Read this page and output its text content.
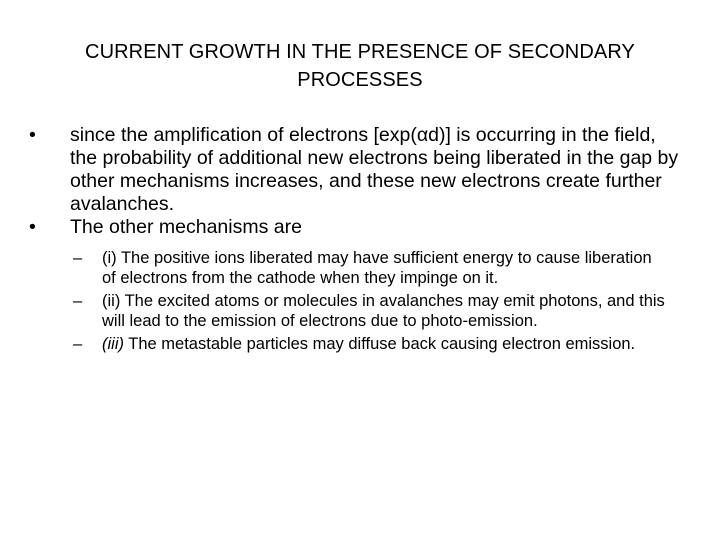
CURRENT GROWTH IN THE PRESENCE OF SECONDARY
PROCESSES
• since the amplification of electrons [exp(αd)] is occurring in the field, the probability of additional new electrons being liberated in the gap by other mechanisms increases, and these new electrons create further avalanches.
• The other mechanisms are
– (i) The positive ions liberated may have sufficient energy to cause liberation of electrons from the cathode when they impinge on it.
– (ii) The excited atoms or molecules in avalanches may emit photons, and this will lead to the emission of electrons due to photo-emission.
– (iii) The metastable particles may diffuse back causing electron emission.
